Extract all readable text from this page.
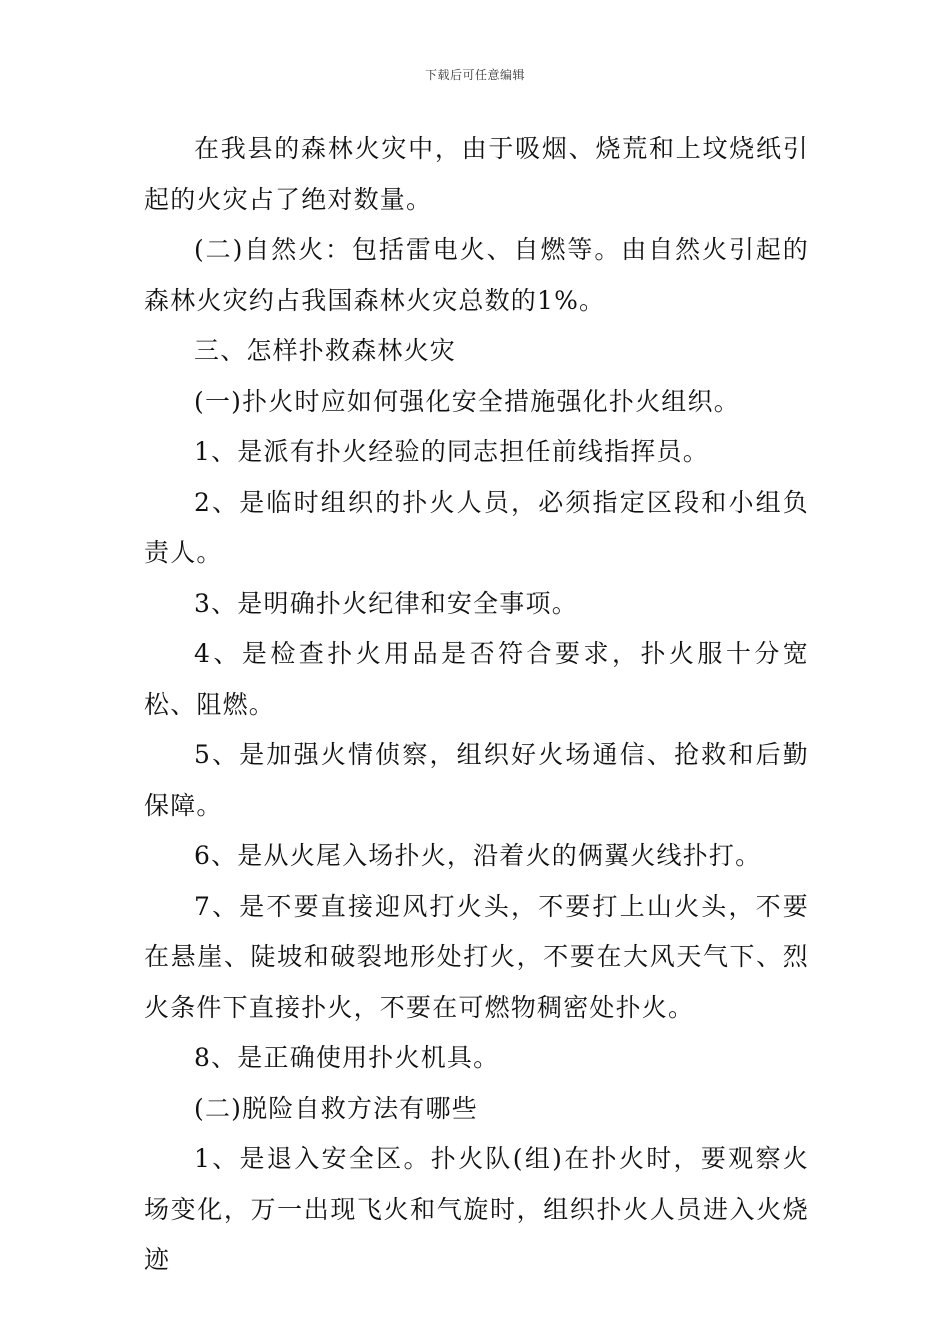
下载后可任意编辑

在我县的森林火灾中，由于吸烟、烧荒和上坟烧纸引起的火灾占了绝对数量。

(二)自然火：包括雷电火、自燃等。由自然火引起的森林火灾约占我国森林火灾总数的1%。

三、怎样扑救森林火灾

(一)扑火时应如何强化安全措施强化扑火组织。

1、是派有扑火经验的同志担任前线指挥员。

2、是临时组织的扑火人员，必须指定区段和小组负责人。

3、是明确扑火纪律和安全事项。

4、是检查扑火用品是否符合要求，扑火服十分宽松、阻燃。

5、是加强火情侦察，组织好火场通信、抢救和后勤保障。

6、是从火尾入场扑火，沿着火的俩翼火线扑打。

7、是不要直接迎风打火头，不要打上山火头，不要在悬崖、陡坡和破裂地形处打火，不要在大风天气下、烈火条件下直接扑火，不要在可燃物稠密处扑火。

8、是正确使用扑火机具。

(二)脱险自救方法有哪些

1、是退入安全区。扑火队(组)在扑火时，要观察火场变化，万一出现飞火和气旋时，组织扑火人员进入火烧迹
